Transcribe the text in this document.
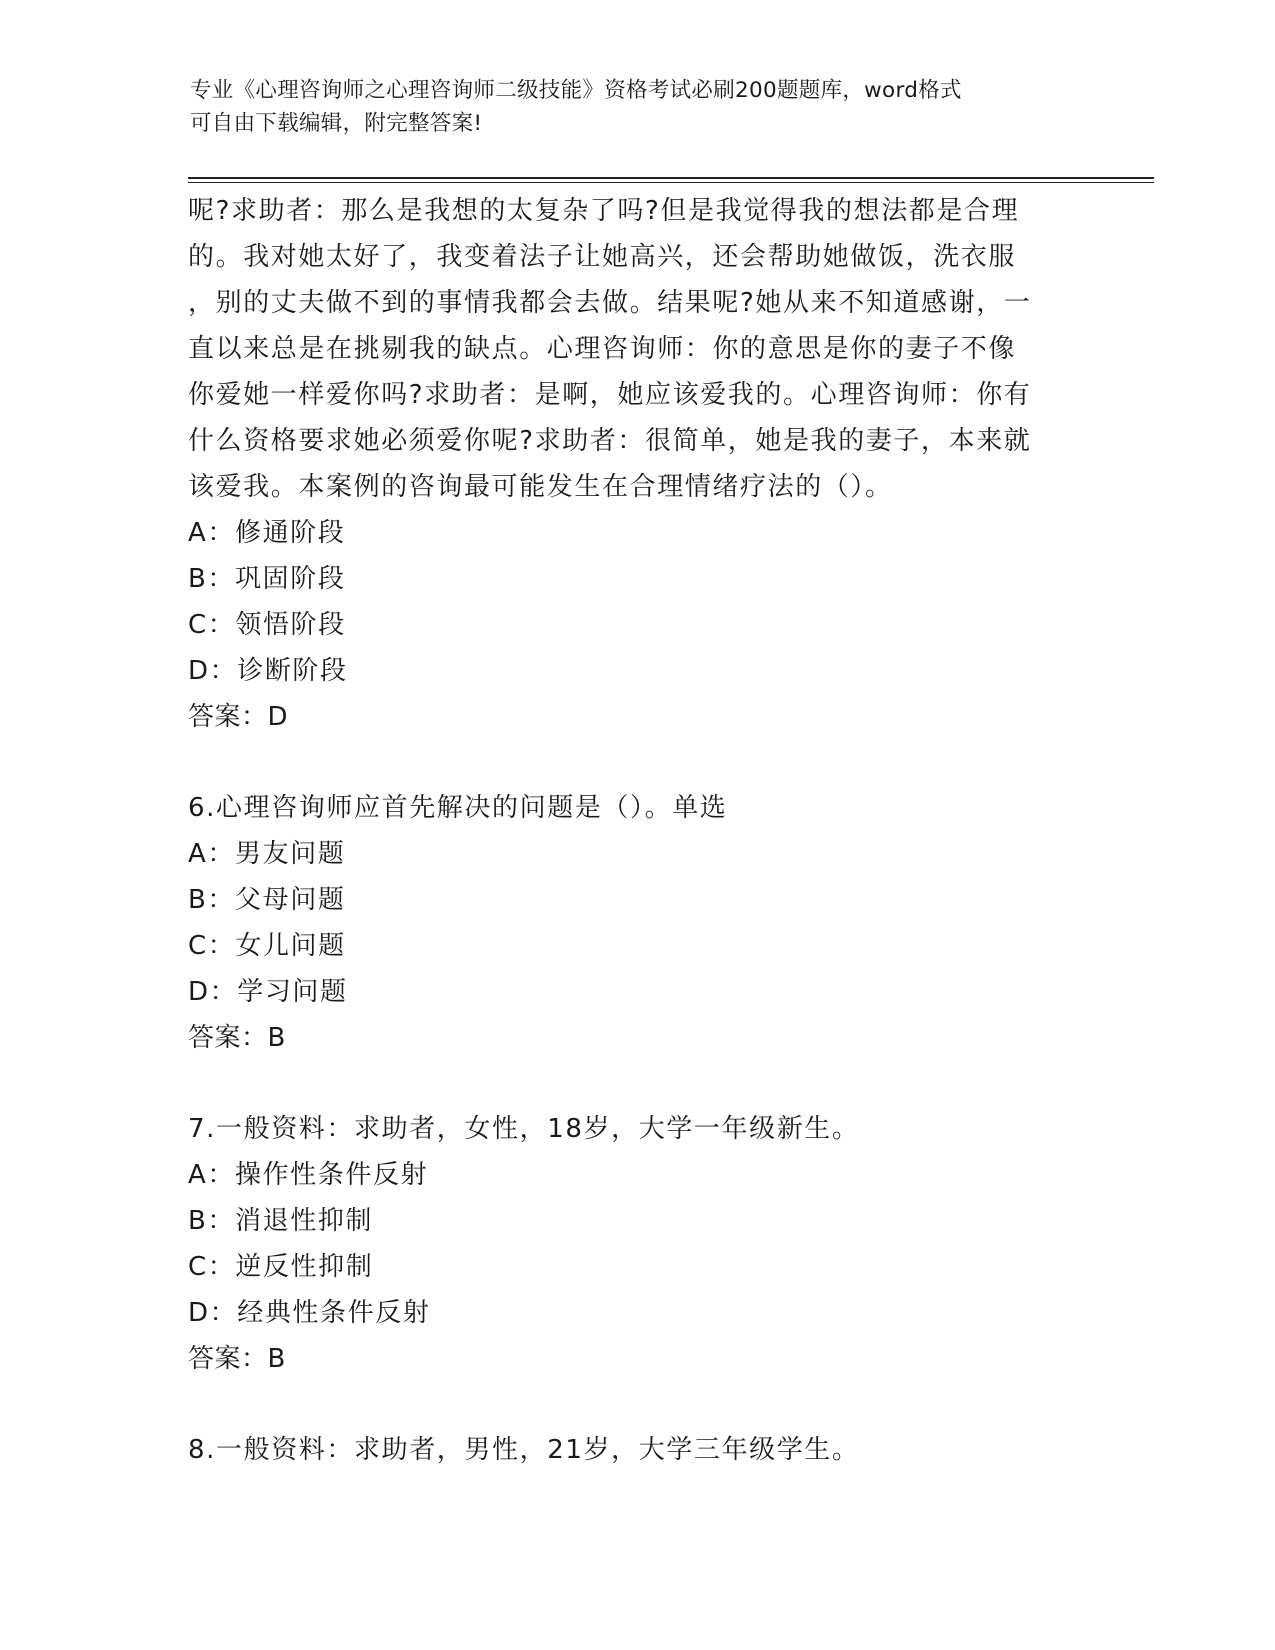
专业《心理咨询师之心理咨询师二级技能》资格考试必刷200题题库，word格式
可自由下载编辑，附完整答案!
呢?求助者：那么是我想的太复杂了吗?但是我觉得我的想法都是合理
的。我对她太好了，我变着法子让她高兴，还会帮助她做饭，洗衣服
，别的丈夫做不到的事情我都会去做。结果呢?她从来不知道感谢，一
直以来总是在挑剔我的缺点。心理咨询师：你的意思是你的妻子不像
你爱她一样爱你吗?求助者：是啊，她应该爱我的。心理咨询师：你有
什么资格要求她必须爱你呢?求助者：很简单，她是我的妻子，本来就
该爱我。本案例的咨询最可能发生在合理情绪疗法的（）。
A：修通阶段
B：巩固阶段
C：领悟阶段
D：诊断阶段
答案：D
6.心理咨询师应首先解决的问题是（）。单选
A：男友问题
B：父母问题
C：女儿问题
D：学习问题
答案：B
7.一般资料：求助者，女性，18岁，大学一年级新生。
A：操作性条件反射
B：消退性抑制
C：逆反性抑制
D：经典性条件反射
答案：B
8.一般资料：求助者，男性，21岁，大学三年级学生。
